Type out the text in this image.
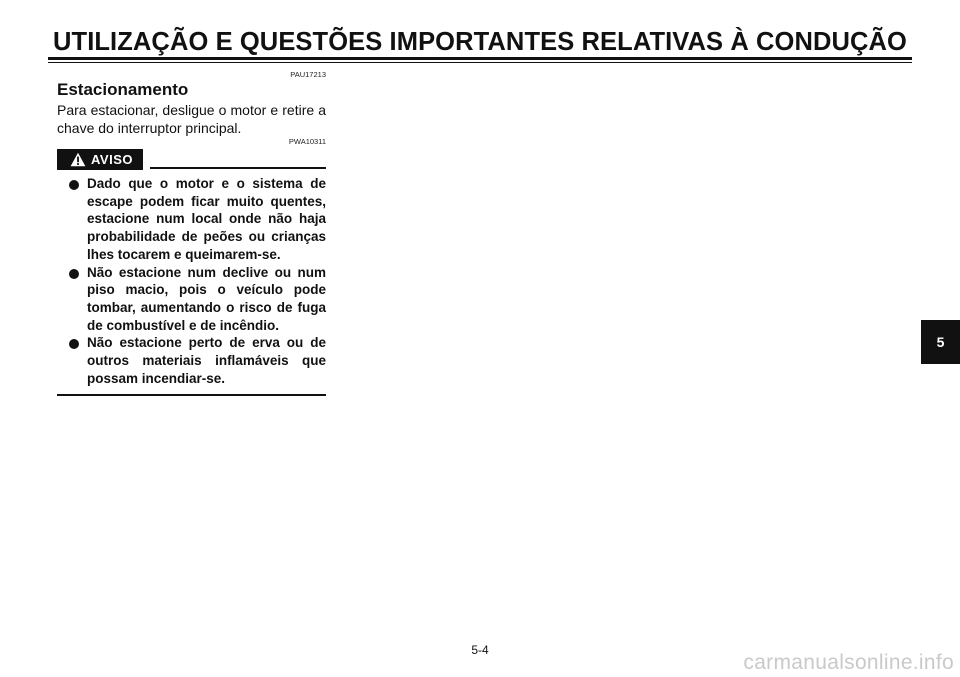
UTILIZAÇÃO E QUESTÕES IMPORTANTES RELATIVAS À CONDUÇÃO
PAU17213
Estacionamento
Para estacionar, desligue o motor e retire a chave do interruptor principal.
PWA10311
AVISO
Dado que o motor e o sistema de escape podem ficar muito quentes, estacione num local onde não haja probabilidade de peões ou crianças lhes tocarem e queimarem-se.
Não estacione num declive ou num piso macio, pois o veículo pode tombar, aumentando o risco de fuga de combustível e de incêndio.
Não estacione perto de erva ou de outros materiais inflamáveis que possam incendiar-se.
5
5-4
carmanualsonline.info
